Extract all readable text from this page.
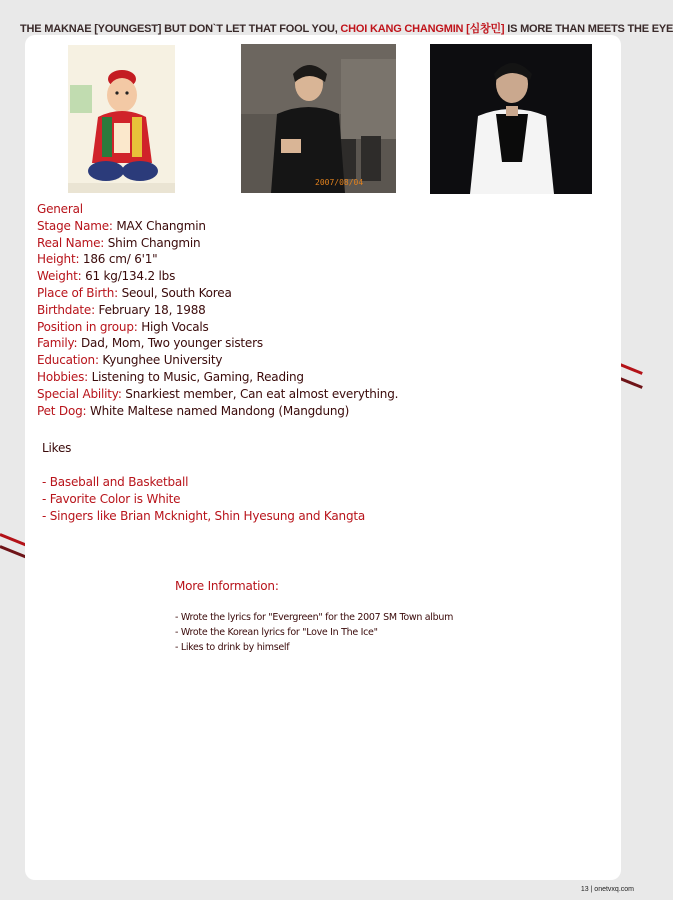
THE MAKNAE [YOUNGEST] BUT DON`T LET THAT FOOL YOU, CHOI KANG CHANGMIN [심창민] IS MORE THAN MEETS THE EYE
2007/08/04
General
Stage Name: MAX Changmin
Real Name: Shim Changmin
Height: 186 cm/ 6'1"
Weight: 61 kg/134.2 lbs
Place of Birth: Seoul, South Korea
Birthdate: February 18, 1988
Position in group: High Vocals
Family: Dad, Mom, Two younger sisters
Education: Kyunghee University
Hobbies: Listening to Music, Gaming, Reading
Special Ability: Snarkiest member, Can eat almost everything.
Pet Dog: White Maltese named Mandong (Mangdung)
Likes
- Baseball and Basketball
- Favorite Color is White
- Singers like Brian Mcknight, Shin Hyesung and Kangta
More Information:
- Wrote the lyrics for "Evergreen" for the 2007 SM Town album
- Wrote the Korean lyrics for "Love In The Ice"
- Likes to drink by himself
13 | onetvxq.com
